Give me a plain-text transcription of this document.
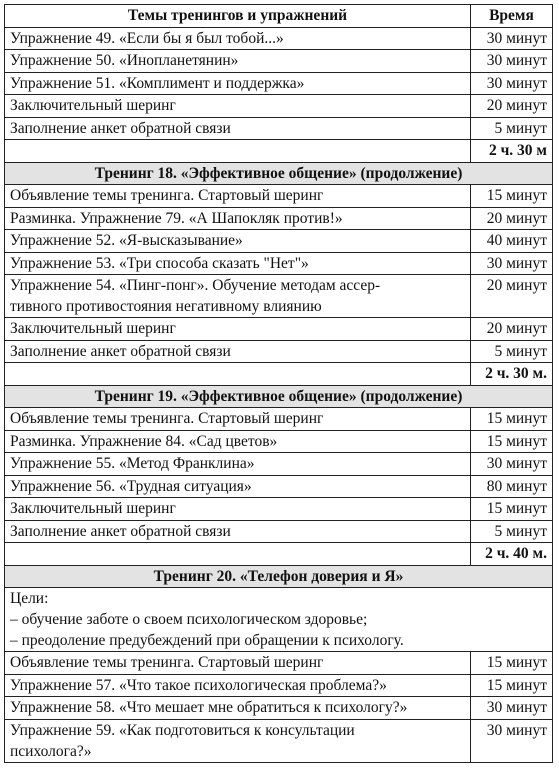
Темы тренингов и упражнений	Время
Упражнение 49. «Если бы я был тобой...»	30 минут
Упражнение 50. «Инопланетянин»	30 минут
Упражнение 51. «Комплимент и поддержка»	30 минут
Заключительный шеринг	20 минут
Заполнение анкет обратной связи	5 минут
	2 ч. 30 м
Тренинг 18. «Эффективное общение» (продолжение)	
Объявление темы тренинга. Стартовый шеринг	15 минут
Разминка. Упражнение 79. «А Шапокляк против!»	20 минут
Упражнение 52. «Я-высказывание»	40 минут
Упражнение 53. «Три способа сказать "Нет"»	30 минут
Упражнение 54. «Пинг-понг». Обучение методам ассер-
тивного противостояния негативному влиянию	20 минут
Заключительный шеринг	20 минут
Заполнение анкет обратной связи	5 минут
	2 ч. 30 м.
Тренинг 19. «Эффективное общение» (продолжение)	
Объявление темы тренинга. Стартовый шеринг	15 минут
Разминка. Упражнение 84. «Сад цветов»	15 минут
Упражнение 55. «Метод Франклина»	30 минут
Упражнение 56. «Трудная ситуация»	80 минут
Заключительный шеринг	15 минут
Заполнение анкет обратной связи	5 минут
	2 ч. 40 м.
Тренинг 20. «Телефон доверия и Я»	

Цели:
– обучение заботе о своем психологическом здоровье;
– преодоление предубеждений при обращении к психологу.	

Объявление темы тренинга. Стартовый шеринг	15 минут
Упражнение 57. «Что такое психологическая проблема?»	15 минут
Упражнение 58. «Что мешает мне обратиться к психологу?»	30 минут
Упражнение 59. «Как подготовиться к консультации
психолога?»	30 минут
